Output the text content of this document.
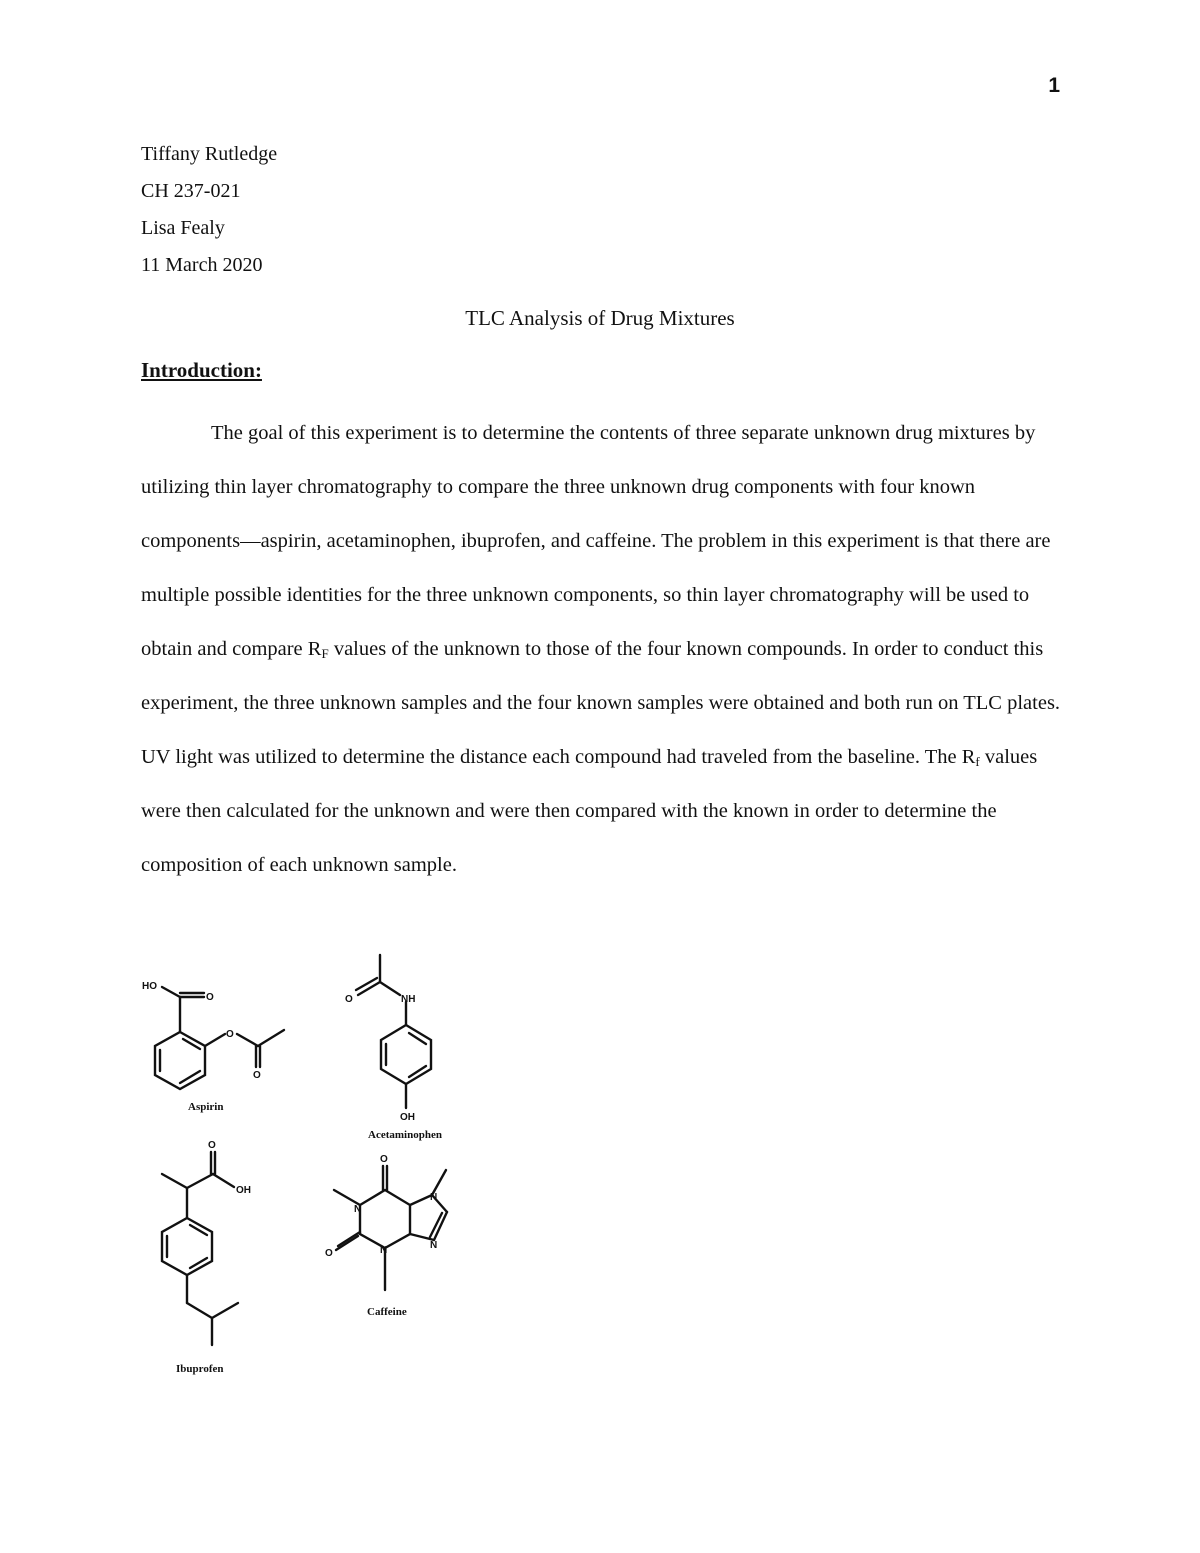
1
Tiffany Rutledge
CH 237-021
Lisa Fealy
11 March 2020
TLC Analysis of Drug Mixtures
Introduction:

The goal of this experiment is to determine the contents of three separate unknown drug mixtures by utilizing thin layer chromatography to compare the three unknown drug components with four known components—aspirin, acetaminophen, ibuprofen, and caffeine. The problem in this experiment is that there are multiple possible identities for the three unknown components, so thin layer chromatography will be used to obtain and compare $R_F$ values of the unknown to those of the four known compounds. In order to conduct this experiment, the three unknown samples and the four known samples were obtained and both run on TLC plates. UV light was utilized to determine the distance each compound had traveled from the baseline. The $R_f$ values were then calculated for the unknown and were then compared with the known in order to determine the composition of each unknown sample.

HO
O
O
O
Aspirin
O	NH
OH
Acetaminophen
O
OH
Ibuprofen
O
O
N
N
N
N
Caffeine
